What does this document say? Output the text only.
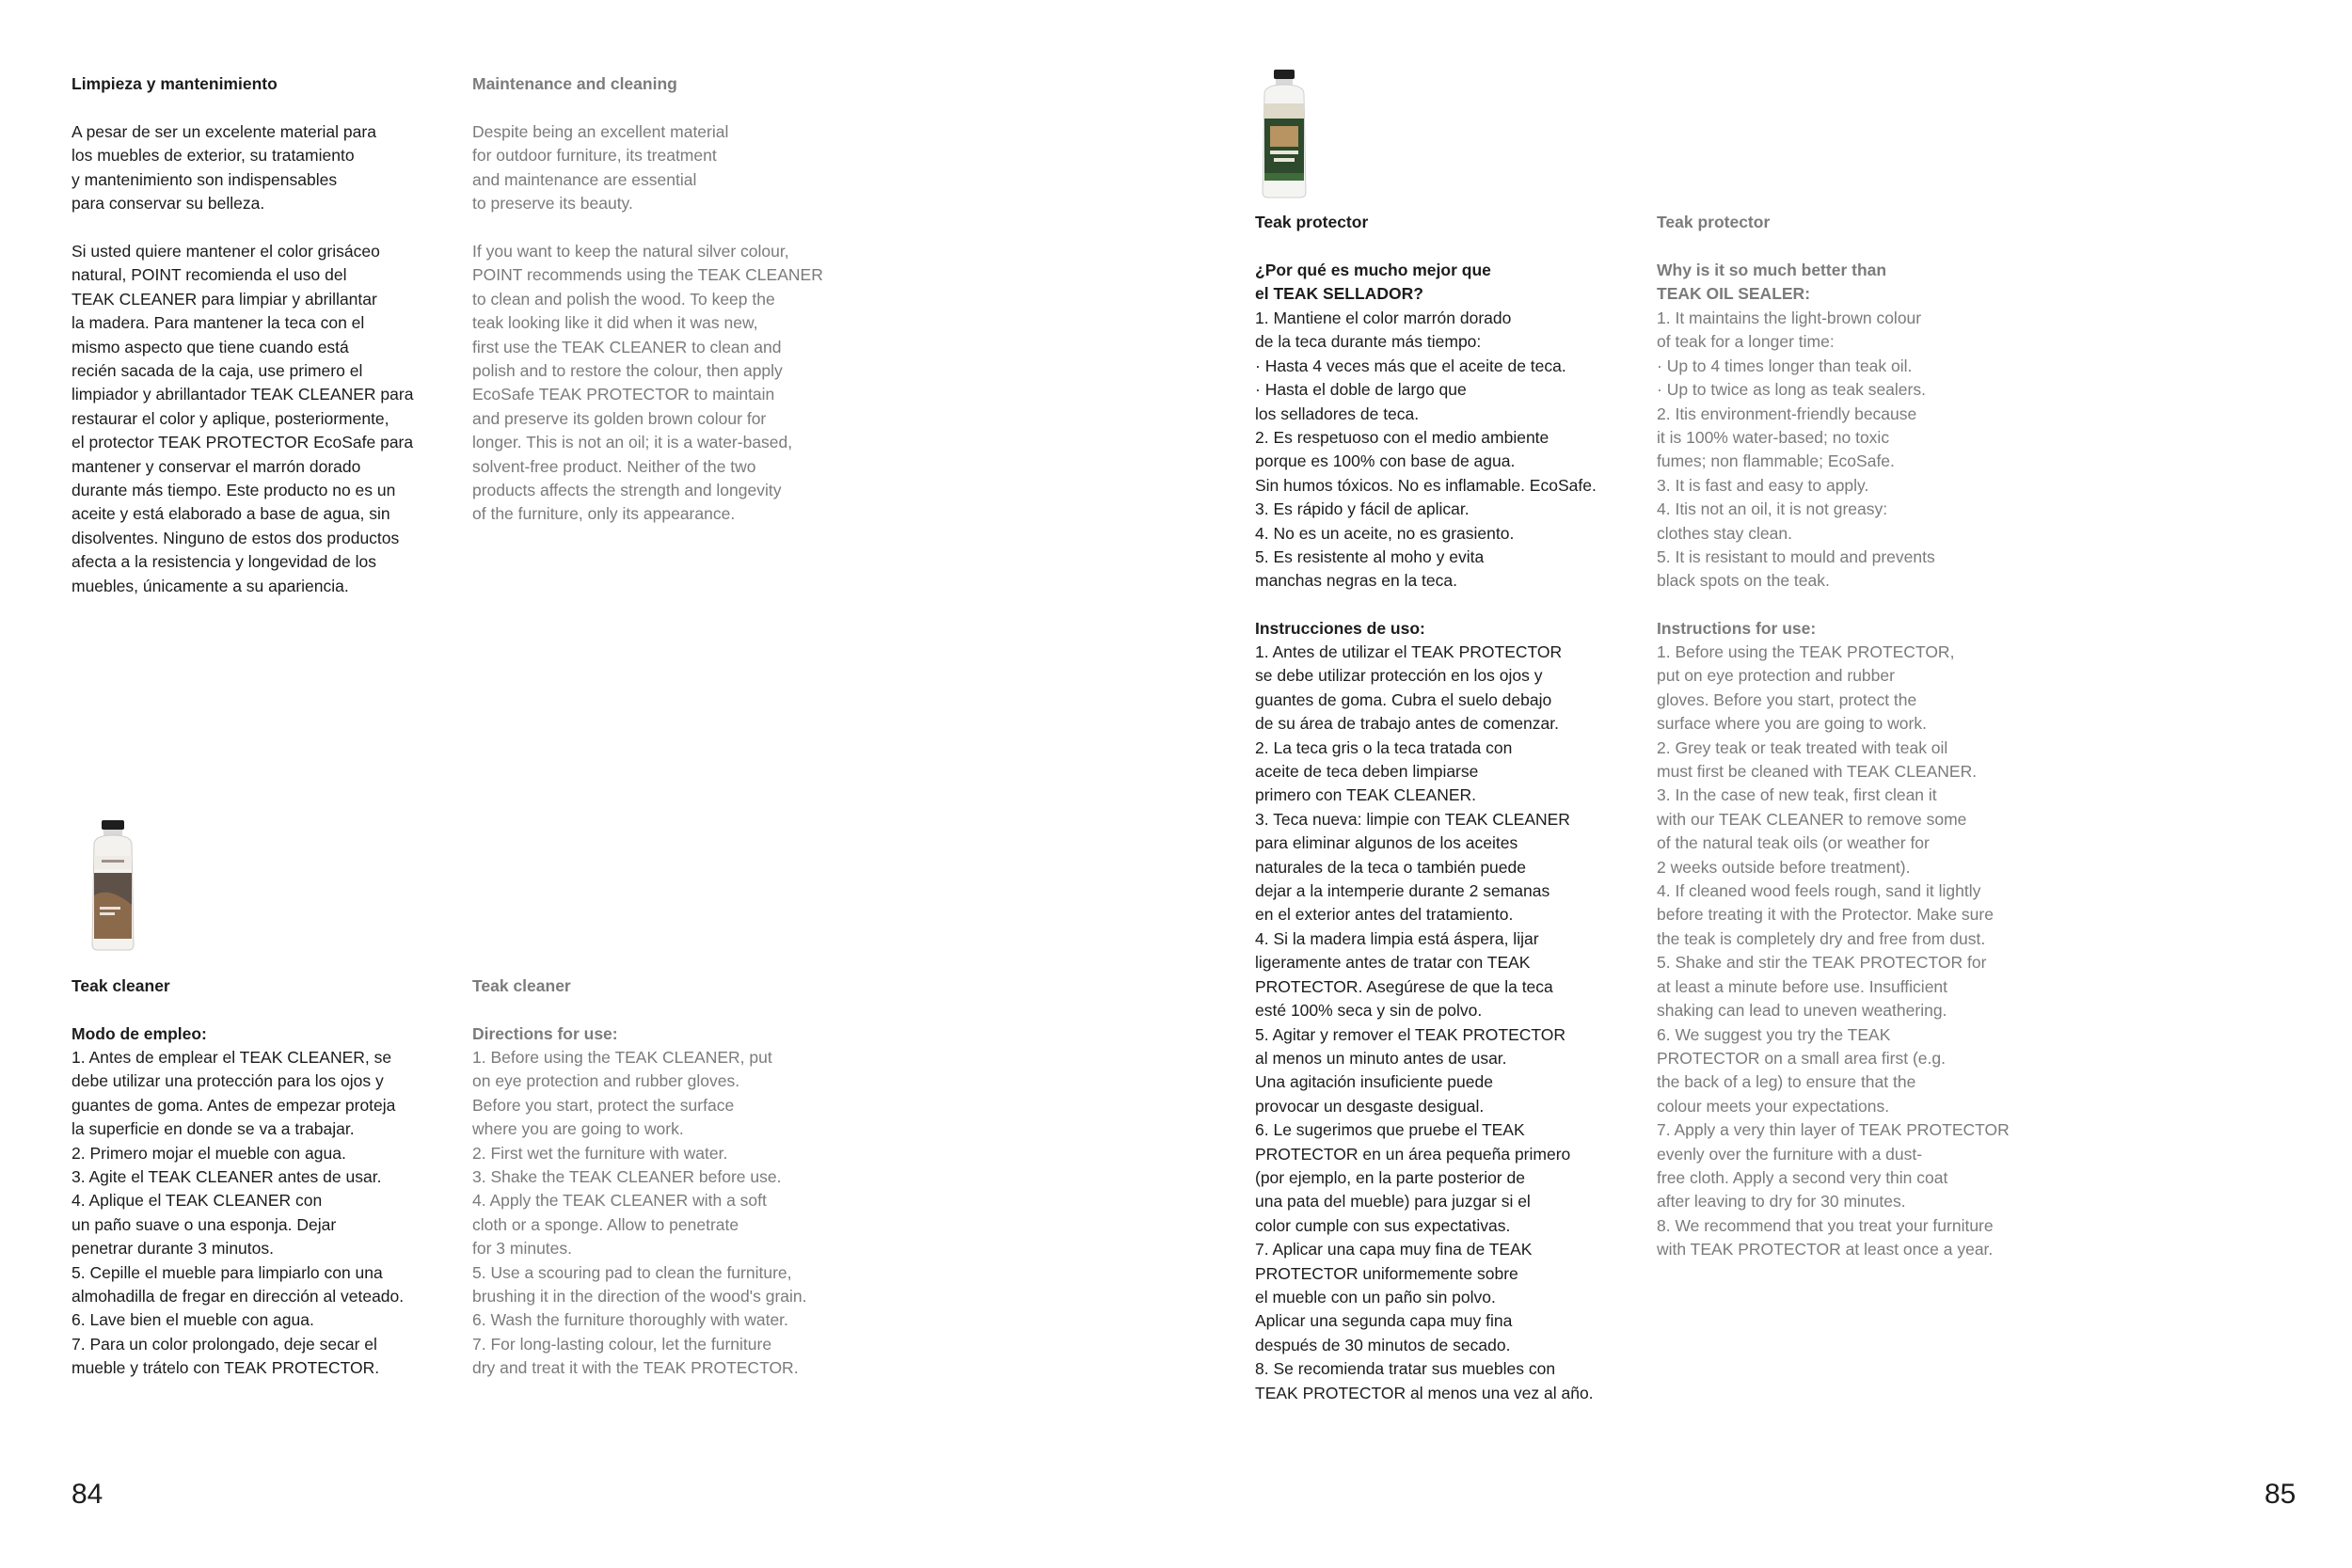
Limpieza y mantenimiento
A pesar de ser un excelente material para
los muebles de exterior, su tratamiento
y mantenimiento son indispensables
para conservar su belleza.
Si usted quiere mantener el color grisáceo
natural, POINT recomienda el uso del
TEAK CLEANER para limpiar y abrillantar
la madera. Para mantener la teca con el
mismo aspecto que tiene cuando está
recién sacada de la caja, use primero el
limpiador y abrillantador TEAK CLEANER para
restaurar el color y aplique, posteriormente,
el protector TEAK PROTECTOR EcoSafe para
mantener y conservar el marrón dorado
durante más tiempo. Este producto no es un
aceite y está elaborado a base de agua, sin
disolventes. Ninguno de estos dos productos
afecta a la resistencia y longevidad de los
muebles, únicamente a su apariencia.
Maintenance and cleaning
Despite being an excellent material
for outdoor furniture, its treatment
and maintenance are essential
to preserve its beauty.
If you want to keep the natural silver colour,
POINT recommends using the TEAK CLEANER
to clean and polish the wood. To keep the
teak looking like it did when it was new,
first use the TEAK CLEANER to clean and
polish and to restore the colour, then apply
EcoSafe TEAK PROTECTOR to maintain
and preserve its golden brown colour for
longer. This is not an oil; it is a water-based,
solvent-free product. Neither of the two
products affects the strength and longevity
of the furniture, only its appearance.
Teak cleaner
Modo de empleo:
1. Antes de emplear el TEAK CLEANER, se
debe utilizar una protección para los ojos y
guantes de goma. Antes de empezar proteja
la superficie en donde se va a trabajar.
2. Primero mojar el mueble con agua.
3. Agite el TEAK CLEANER antes de usar.
4. Aplique el TEAK CLEANER con
un paño suave o una esponja. Dejar
penetrar durante 3 minutos.
5. Cepille el mueble para limpiarlo con una
almohadilla de fregar en dirección al veteado.
6. Lave bien el mueble con agua.
7. Para un color prolongado, deje secar el
mueble y trátelo con TEAK PROTECTOR.
Teak cleaner
Directions for use:
1. Before using the TEAK CLEANER, put
on eye protection and rubber gloves.
Before you start, protect the surface
where you are going to work.
2. First wet the furniture with water.
3. Shake the TEAK CLEANER before use.
4. Apply the TEAK CLEANER with a soft
cloth or a sponge. Allow to penetrate
for 3 minutes.
5. Use a scouring pad to clean the furniture,
brushing it in the direction of the wood's grain.
6. Wash the furniture thoroughly with water.
7. For long-lasting colour, let the furniture
dry and treat it with the TEAK PROTECTOR.
84
Teak protector
¿Por qué es mucho mejor que
el TEAK SELLADOR?
1. Mantiene el color marrón dorado
de la teca durante más tiempo:
· Hasta 4 veces más que el aceite de teca.
· Hasta el doble de largo que
los selladores de teca.
2. Es respetuoso con el medio ambiente
porque es 100% con base de agua.
Sin humos tóxicos. No es inflamable. EcoSafe.
3. Es rápido y fácil de aplicar.
4. No es un aceite, no es grasiento.
5. Es resistente al moho y evita
manchas negras en la teca.
Instrucciones de uso:
1. Antes de utilizar el TEAK PROTECTOR
se debe utilizar protección en los ojos y
guantes de goma. Cubra el suelo debajo
de su área de trabajo antes de comenzar.
2. La teca gris o la teca tratada con
aceite de teca deben limpiarse
primero con TEAK CLEANER.
3. Teca nueva: limpie con TEAK CLEANER
para eliminar algunos de los aceites
naturales de la teca o también puede
dejar a la intemperie durante 2 semanas
en el exterior antes del tratamiento.
4. Si la madera limpia está áspera, lijar
ligeramente antes de tratar con TEAK
PROTECTOR. Asegúrese de que la teca
esté 100% seca y sin de polvo.
5. Agitar y remover el TEAK PROTECTOR
al menos un minuto antes de usar.
Una agitación insuficiente puede
provocar un desgaste desigual.
6. Le sugerimos que pruebe el TEAK
PROTECTOR en un área pequeña primero
(por ejemplo, en la parte posterior de
una pata del mueble) para juzgar si el
color cumple con sus expectativas.
7. Aplicar una capa muy fina de TEAK
PROTECTOR uniformemente sobre
el mueble con un paño sin polvo.
Aplicar una segunda capa muy fina
después de 30 minutos de secado.
8. Se recomienda tratar sus muebles con
TEAK PROTECTOR al menos una vez al año.
Teak protector
Why is it so much better than
TEAK OIL SEALER:
1. It maintains the light-brown colour
of teak for a longer time:
· Up to 4 times longer than teak oil.
· Up to twice as long as teak sealers.
2. Itis environment-friendly because
it is 100% water-based; no toxic
fumes; non flammable; EcoSafe.
3. It is fast and easy to apply.
4. Itis not an oil, it is not greasy:
clothes stay clean.
5. It is resistant to mould and prevents
black spots on the teak.
Instructions for use:
1. Before using the TEAK PROTECTOR,
put on eye protection and rubber
gloves. Before you start, protect the
surface where you are going to work.
2. Grey teak or teak treated with teak oil
must first be cleaned with TEAK CLEANER.
3. In the case of new teak, first clean it
with our TEAK CLEANER to remove some
of the natural teak oils (or weather for
2 weeks outside before treatment).
4. If cleaned wood feels rough, sand it lightly
before treating it with the Protector. Make sure
the teak is completely dry and free from dust.
5. Shake and stir the TEAK PROTECTOR for
at least a minute before use. Insufficient
shaking can lead to uneven weathering.
6. We suggest you try the TEAK
PROTECTOR on a small area first (e.g.
the back of a leg) to ensure that the
colour meets your expectations.
7. Apply a very thin layer of TEAK PROTECTOR
evenly over the furniture with a dust-
free cloth. Apply a second very thin coat
after leaving to dry for 30 minutes.
8. We recommend that you treat your furniture
with TEAK PROTECTOR at least once a year.
85
